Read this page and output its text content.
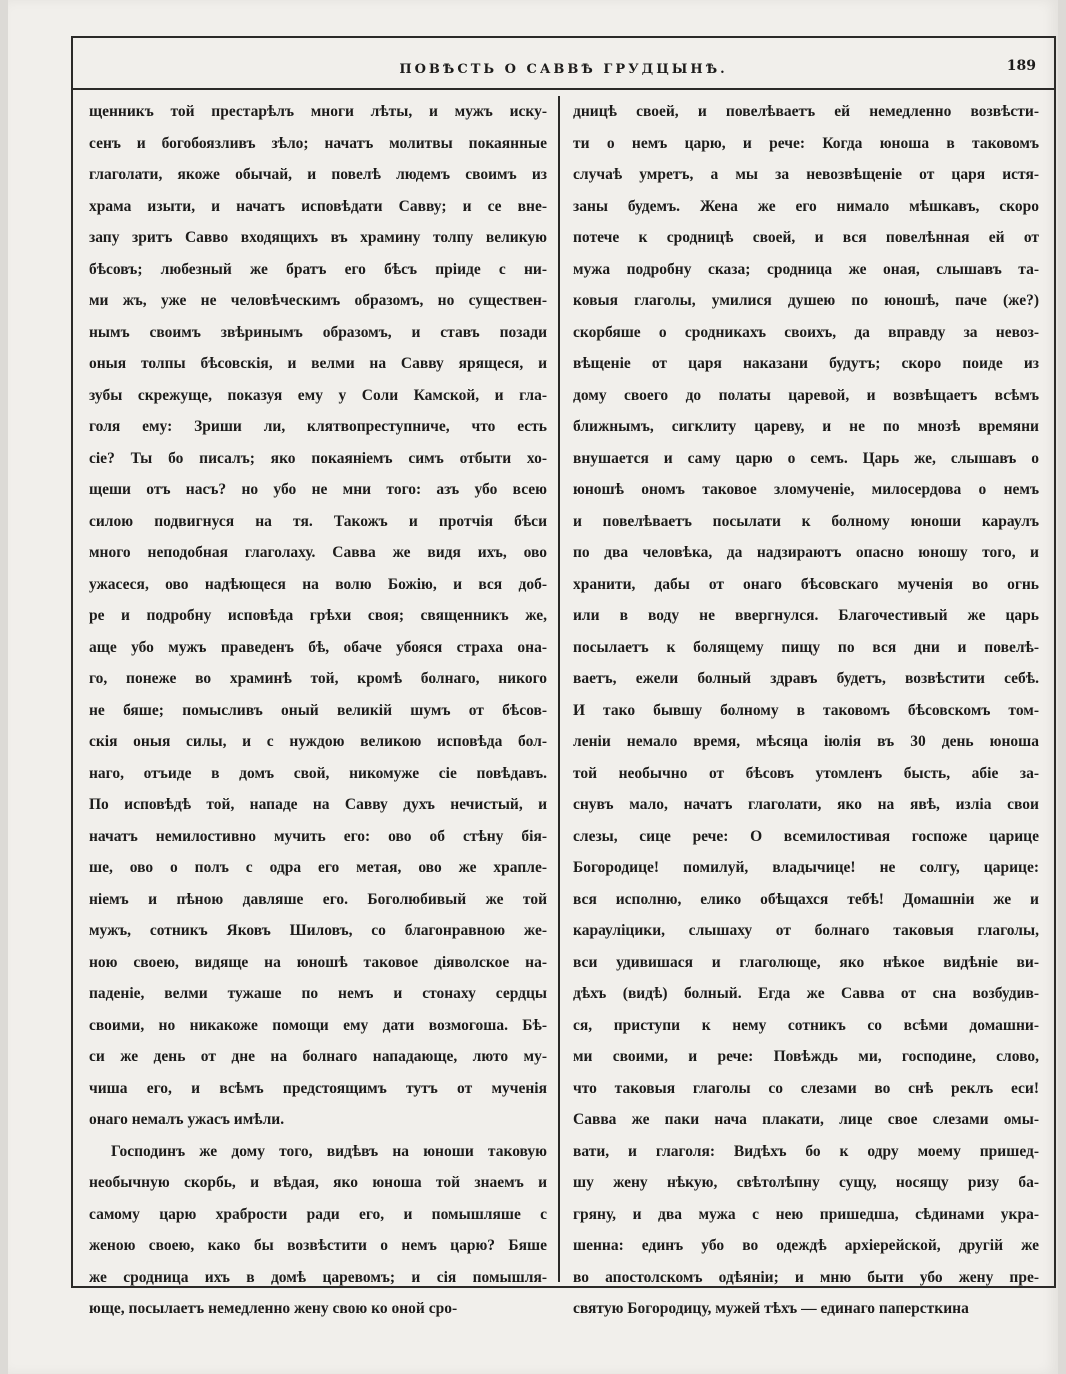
ПОВѢСТЬ О САВВѢ ГРУДЦЫНѢ.	189
щенникъ той престарѣлъ многи лѣты, и мужъ иску-
сенъ и богобоязливъ зѣло; начатъ молитвы покаянные
глаголати, якоже обычай, и повелѣ людемъ своимъ из
храма изыти, и начатъ исповѣдати Савву; и се вне-
запу зритъ Савво входящихъ въ храмину толпу великую
бѣсовъ; любезный же братъ его бѣсъ пріиде с ни-
ми жъ, уже не человѣческимъ образомъ, но существен-
нымъ своимъ звѣринымъ образомъ, и ставъ позади
оныя толпы бѣсовскія, и велми на Савву ярящеся, и
зубы скрежуще, показуя ему у Соли Камской, и гла-
голя ему: Зриши ли, клятвопреступниче, что есть
сіе? Ты бо писалъ; яко покаяніемъ симъ отбыти хо-
щеши отъ насъ? но убо не мни того: азъ убо всею
силою подвигнуся на тя. Такожъ и протчія бѣси
много неподобная глаголаху. Савва же видя ихъ, ово
ужасеся, ово надѣющеся на волю Божію, и вся доб-
ре и подробну исповѣда грѣхи своя; священникъ же,
аще убо мужъ праведенъ бѣ, обаче убояся страха она-
го, понеже во храминѣ той, кромѣ болнаго, никого
не бяше; помысливъ оный великій шумъ от бѣсов-
скія оныя силы, и с нуждою великою исповѣда бол-
наго, отъиде в домъ свой, никомуже сіе повѣдавъ.
По исповѣдѣ той, нападе на Савву духъ нечистый, и
начатъ немилостивно мучить его: ово об стѣну бія-
ше, ово о полъ с одра его метая, ово же храпле-
ніемъ и пѣною давляше его. Боголюбивый же той
мужъ, сотникъ Яковъ Шиловъ, со благонравною же-
ною своею, видяще на юношѣ таковое діяволское на-
паденіе, велми тужаше по немъ и стонаху сердцы
своими, но никакоже помощи ему дати возмогоша. Бѣ-
си же день от дне на болнаго нападающе, люто му-
чиша его, и всѣмъ предстоящимъ тутъ от мученія
онаго немалъ ужасъ имѣли.
Господинъ же дому того, видѣвъ на юноши таковую
необычную скорбь, и вѣдая, яко юноша той знаемъ и
самому царю храбрости ради его, и помышляше с
женою своею, како бы возвѣстити о немъ царю? Бяше
же сродница ихъ в домѣ царевомъ; и сія помышля-
юще, посылаетъ немедленно жену свою ко оной сро-
дницѣ своей, и повелѣваетъ ей немедленно возвѣсти-
ти о немъ царю, и рече: Когда юноша в таковомъ
случаѣ умретъ, а мы за невозвѣщеніе от царя истя-
заны будемъ. Жена же его нимало мѣшкавъ, скоро
потече к сродницѣ своей, и вся повелѣнная ей от
мужа подробну сказа; сродница же оная, слышавъ та-
ковыя глаголы, умилися душею по юношѣ, паче (же?)
скорбяше о сродникахъ своихъ, да вправду за невоз-
вѣщеніе от царя наказани будутъ; скоро поиде из
дому своего до полаты царевой, и возвѣщаетъ всѣмъ
ближнымъ, сигклиту цареву, и не по мнозѣ времяни
внушается и саму царю о семъ. Царь же, слышавъ о
юношѣ ономъ таковое зломученіе, милосердова о немъ
и повелѣваетъ посылати к болному юноши караулъ
по два человѣка, да надзираютъ опасно юношу того, и
хранити, дабы от онаго бѣсовскаго мученія во огнь
или в воду не ввергнулся. Благочестивый же царь
посылаетъ к болящему пищу по вся дни и повелѣ-
ваетъ, ежели болный здравъ будетъ, возвѣстити себѣ.
И тако бывшу болному в таковомъ бѣсовскомъ том-
леніи немало время, мѣсяца іюлія въ 30 день юноша
той необычно от бѣсовъ утомленъ бысть, абіе за-
снувъ мало, начатъ глаголати, яко на явѣ, изліа свои
слезы, сице рече: О всемилостивая госпоже царице
Богородице! помилуй, владычице! не солгу, царице:
вся исполню, елико обѣщахся тебѣ! Домашніи же и
карауліцики, слышаху от болнаго таковыя глаголы,
вси удивишася и глаголюще, яко нѣкое видѣніе ви-
дѣхъ (видѣ) болный. Егда же Савва от сна возбудив-
ся, приступи к нему сотникъ со всѣми домашни-
ми своими, и рече: Повѣждь ми, господине, слово,
что таковыя глаголы со слезами во снѣ реклъ еси!
Савва же паки нача плакати, лице свое слезами омы-
вати, и глаголя: Видѣхъ бо к одру моему пришед-
шу жену нѣкую, свѣтолѣпну сущу, носящу ризу ба-
гряну, и два мужа с нею пришедша, сѣдинами укра-
шенна: единъ убо во одеждѣ архіерейской, другій же
во апостолскомъ одѣяніи; и мню быти убо жену пре-
святую Богородицу, мужей тѣхъ — единаго паперсткина
